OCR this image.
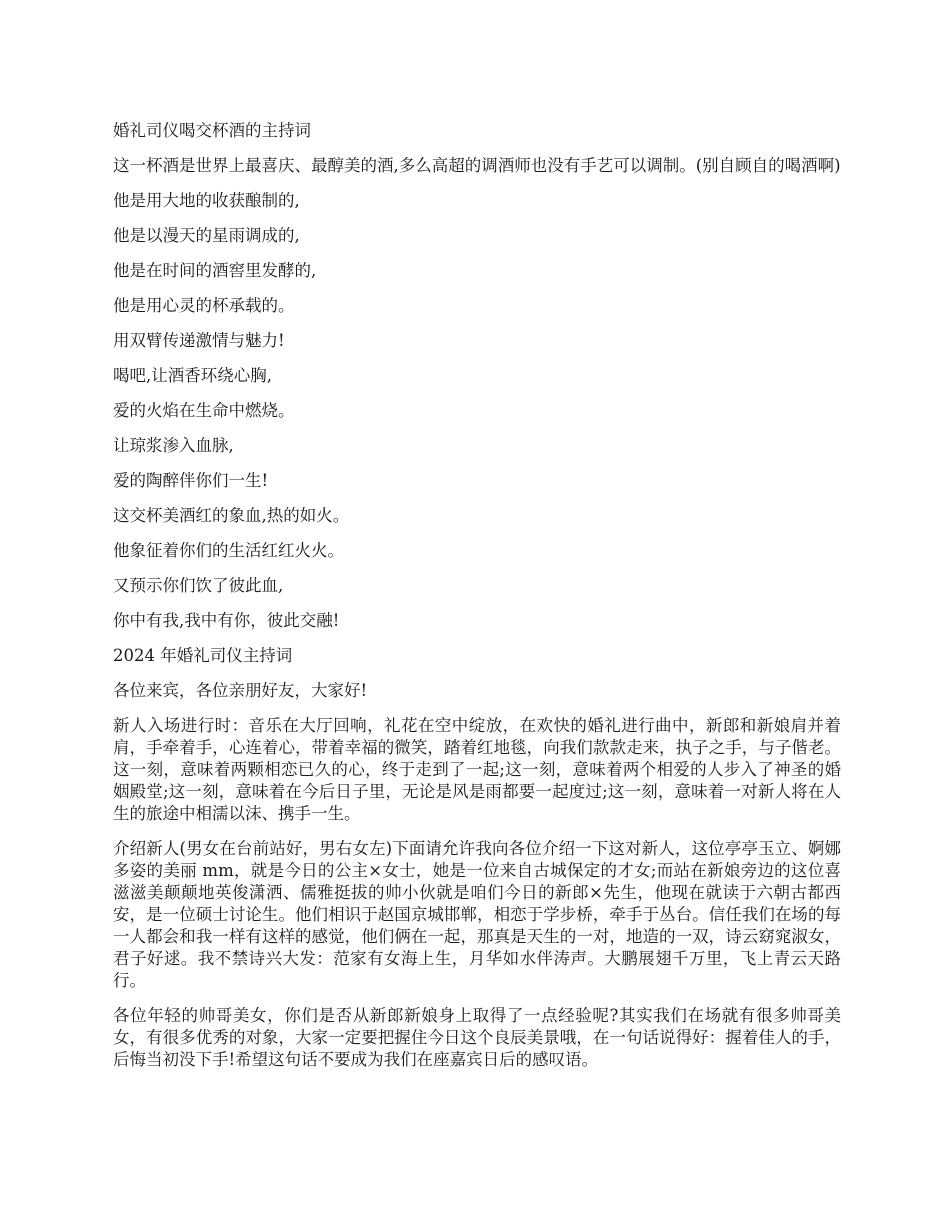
婚礼司仪喝交杯酒的主持词

这一杯酒是世界上最喜庆、最醇美的酒,多么高超的调酒师也没有手艺可以调制。(别自顾自的喝酒啊)

他是用大地的收获酿制的,

他是以漫天的星雨调成的,

他是在时间的酒窖里发酵的,

他是用心灵的杯承载的。

用双臂传递激情与魅力!

喝吧,让酒香环绕心胸,

爱的火焰在生命中燃烧。

让琼浆渗入血脉,

爱的陶醉伴你们一生!

这交杯美酒红的象血,热的如火。

他象征着你们的生活红红火火。

又预示你们饮了彼此血,

你中有我,我中有你，彼此交融!

2024 年婚礼司仪主持词

各位来宾，各位亲朋好友，大家好!

新人入场进行时：音乐在大厅回响，礼花在空中绽放，在欢快的婚礼进行曲中，新郎和新娘肩并着肩，手牵着手，心连着心，带着幸福的微笑，踏着红地毯，向我们款款走来，执子之手，与子偕老。这一刻，意味着两颗相恋已久的心，终于走到了一起;这一刻，意味着两个相爱的人步入了神圣的婚姻殿堂;这一刻，意味着在今后日子里，无论是风是雨都要一起度过;这一刻，意味着一对新人将在人生的旅途中相濡以沫、携手一生。

介绍新人(男女在台前站好，男右女左)下面请允许我向各位介绍一下这对新人，这位亭亭玉立、婀娜多姿的美丽 mm，就是今日的公主×女士，她是一位来自古城保定的才女;而站在新娘旁边的这位喜滋滋美颠颠地英俊潇洒、儒雅挺拔的帅小伙就是咱们今日的新郎×先生，他现在就读于六朝古都西安，是一位硕士讨论生。他们相识于赵国京城邯郸，相恋于学步桥，牵手于丛台。信任我们在场的每一人都会和我一样有这样的感觉，他们俩在一起，那真是天生的一对，地造的一双，诗云窈窕淑女，君子好逑。我不禁诗兴大发：范家有女海上生，月华如水伴涛声。大鹏展翅千万里，飞上青云天路行。

各位年轻的帅哥美女，你们是否从新郎新娘身上取得了一点经验呢?其实我们在场就有很多帅哥美女，有很多优秀的对象，大家一定要把握住今日这个良辰美景哦，在一句话说得好：握着佳人的手，后悔当初没下手!希望这句话不要成为我们在座嘉宾日后的感叹语。
